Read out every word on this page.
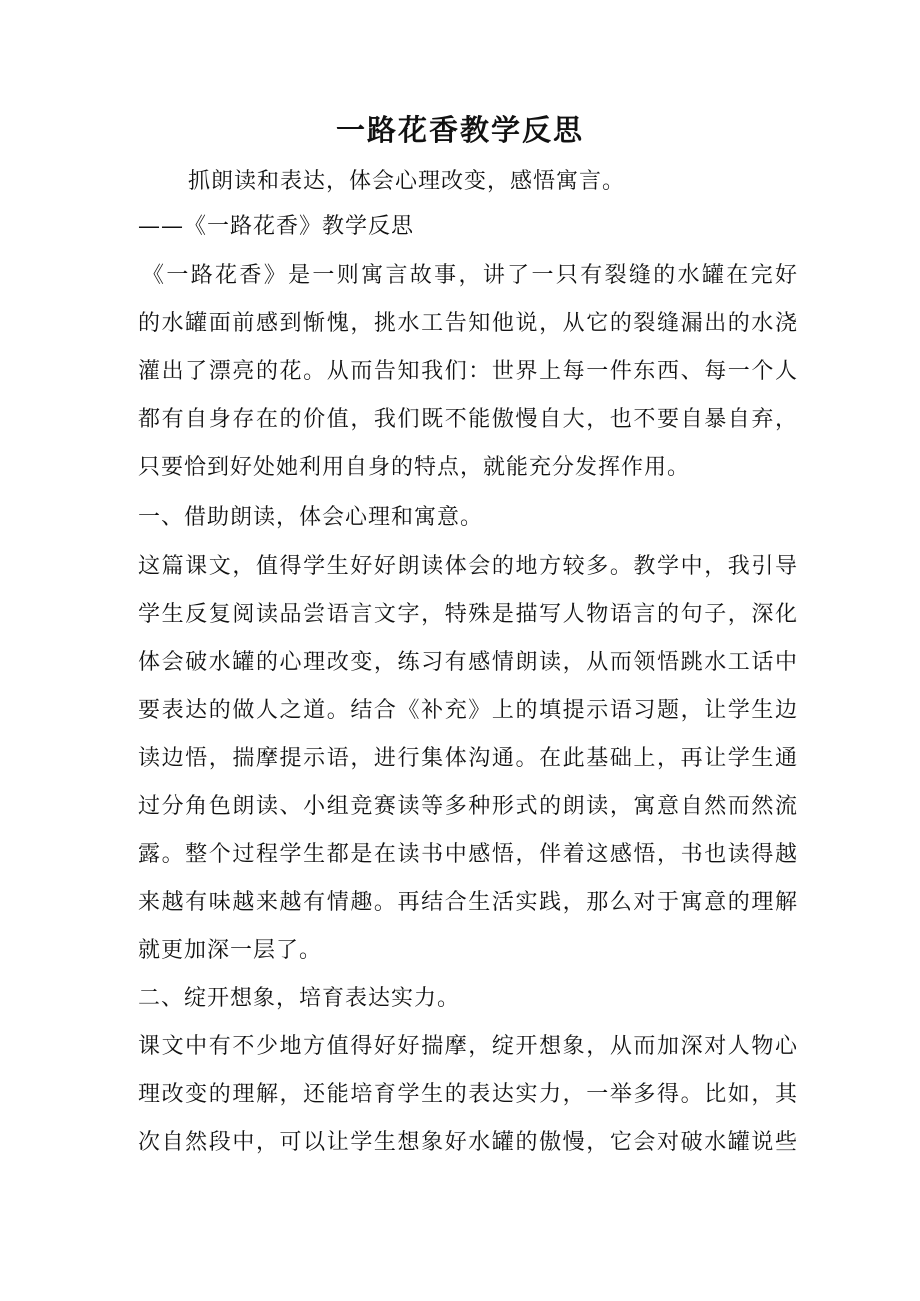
一路花香教学反思
抓朗读和表达，体会心理改变，感悟寓言。
——《一路花香》教学反思
《一路花香》是一则寓言故事，讲了一只有裂缝的水罐在完好
的水罐面前感到惭愧，挑水工告知他说，从它的裂缝漏出的水浇
灌出了漂亮的花。从而告知我们：世界上每一件东西、每一个人
都有自身存在的价值，我们既不能傲慢自大，也不要自暴自弃，
只要恰到好处她利用自身的特点，就能充分发挥作用。
一、借助朗读，体会心理和寓意。
这篇课文，值得学生好好朗读体会的地方较多。教学中，我引导
学生反复阅读品尝语言文字，特殊是描写人物语言的句子，深化
体会破水罐的心理改变，练习有感情朗读，从而领悟跳水工话中
要表达的做人之道。结合《补充》上的填提示语习题，让学生边
读边悟，揣摩提示语，进行集体沟通。在此基础上，再让学生通
过分角色朗读、小组竞赛读等多种形式的朗读，寓意自然而然流
露。整个过程学生都是在读书中感悟，伴着这感悟，书也读得越
来越有味越来越有情趣。再结合生活实践，那么对于寓意的理解
就更加深一层了。
二、绽开想象，培育表达实力。
课文中有不少地方值得好好揣摩，绽开想象，从而加深对人物心
理改变的理解，还能培育学生的表达实力，一举多得。比如，其
次自然段中，可以让学生想象好水罐的傲慢，它会对破水罐说些
